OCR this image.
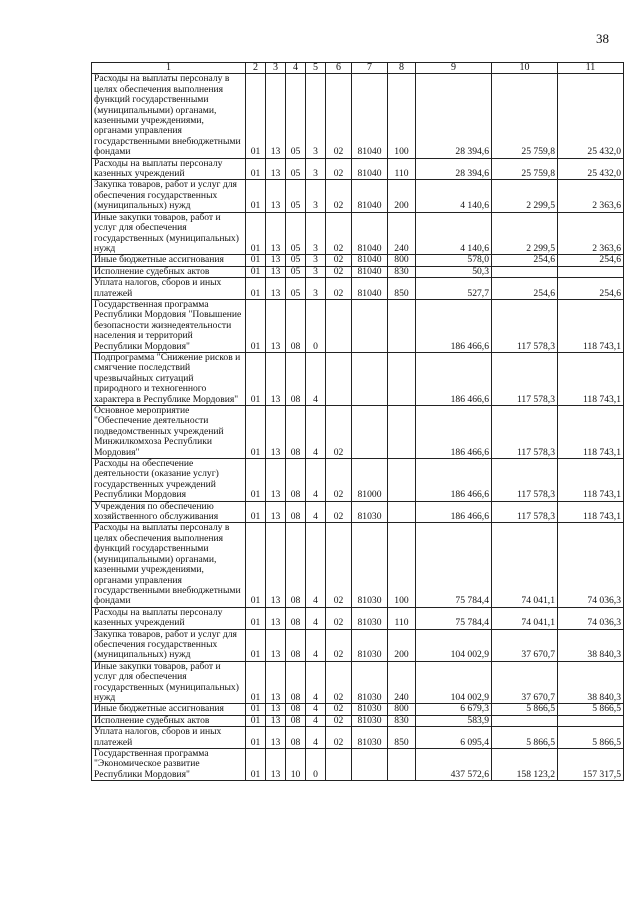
38
1	2	3	4	5	6	7	8	9	10	11
Расходы на выплаты персоналу в целях обеспечения выполнения функций государственными (муниципальными) органами, казенными учреждениями, органами управления государственными внебюджетными фондами	01	13	05	3	02	81040	100	28 394,6	25 759,8	25 432,0
Расходы на выплаты персоналу казенных учреждений	01	13	05	3	02	81040	110	28 394,6	25 759,8	25 432,0
Закупка товаров, работ и услуг для обеспечения государственных (муниципальных) нужд	01	13	05	3	02	81040	200	4 140,6	2 299,5	2 363,6
Иные закупки товаров, работ и услуг для обеспечения государственных (муниципальных) нужд	01	13	05	3	02	81040	240	4 140,6	2 299,5	2 363,6
Иные бюджетные ассигнования	01	13	05	3	02	81040	800	578,0	254,6	254,6
Исполнение судебных актов	01	13	05	3	02	81040	830	50,3		
Уплата налогов, сборов и иных платежей	01	13	05	3	02	81040	850	527,7	254,6	254,6
Государственная программа Республики Мордовия "Повышение безопасности жизнедеятельности населения и территорий Республики Мордовия"	01	13	08	0				186 466,6	117 578,3	118 743,1
Подпрограмма "Снижение рисков и смягчение последствий чрезвычайных ситуаций природного и техногенного характера в Республике Мордовия"	01	13	08	4				186 466,6	117 578,3	118 743,1
Основное мероприятие "Обеспечение деятельности подведомственных учреждений Минжилкомхоза Республики Мордовия"	01	13	08	4	02			186 466,6	117 578,3	118 743,1
Расходы на обеспечение деятельности (оказание услуг) государственных учреждений Республики Мордовия	01	13	08	4	02	81000		186 466,6	117 578,3	118 743,1
Учреждения по обеспечению хозяйственного обслуживания	01	13	08	4	02	81030		186 466,6	117 578,3	118 743,1
Расходы на выплаты персоналу в целях обеспечения выполнения функций государственными (муниципальными) органами, казенными учреждениями, органами управления государственными внебюджетными фондами	01	13	08	4	02	81030	100	75 784,4	74 041,1	74 036,3
Расходы на выплаты персоналу казенных учреждений	01	13	08	4	02	81030	110	75 784,4	74 041,1	74 036,3
Закупка товаров, работ и услуг для обеспечения государственных (муниципальных) нужд	01	13	08	4	02	81030	200	104 002,9	37 670,7	38 840,3
Иные закупки товаров, работ и услуг для обеспечения государственных (муниципальных) нужд	01	13	08	4	02	81030	240	104 002,9	37 670,7	38 840,3
Иные бюджетные ассигнования	01	13	08	4	02	81030	800	6 679,3	5 866,5	5 866,5
Исполнение судебных актов	01	13	08	4	02	81030	830	583,9		
Уплата налогов, сборов и иных платежей	01	13	08	4	02	81030	850	6 095,4	5 866,5	5 866,5
Государственная программа "Экономическое развитие Республики Мордовия"	01	13	10	0				437 572,6	158 123,2	157 317,5
